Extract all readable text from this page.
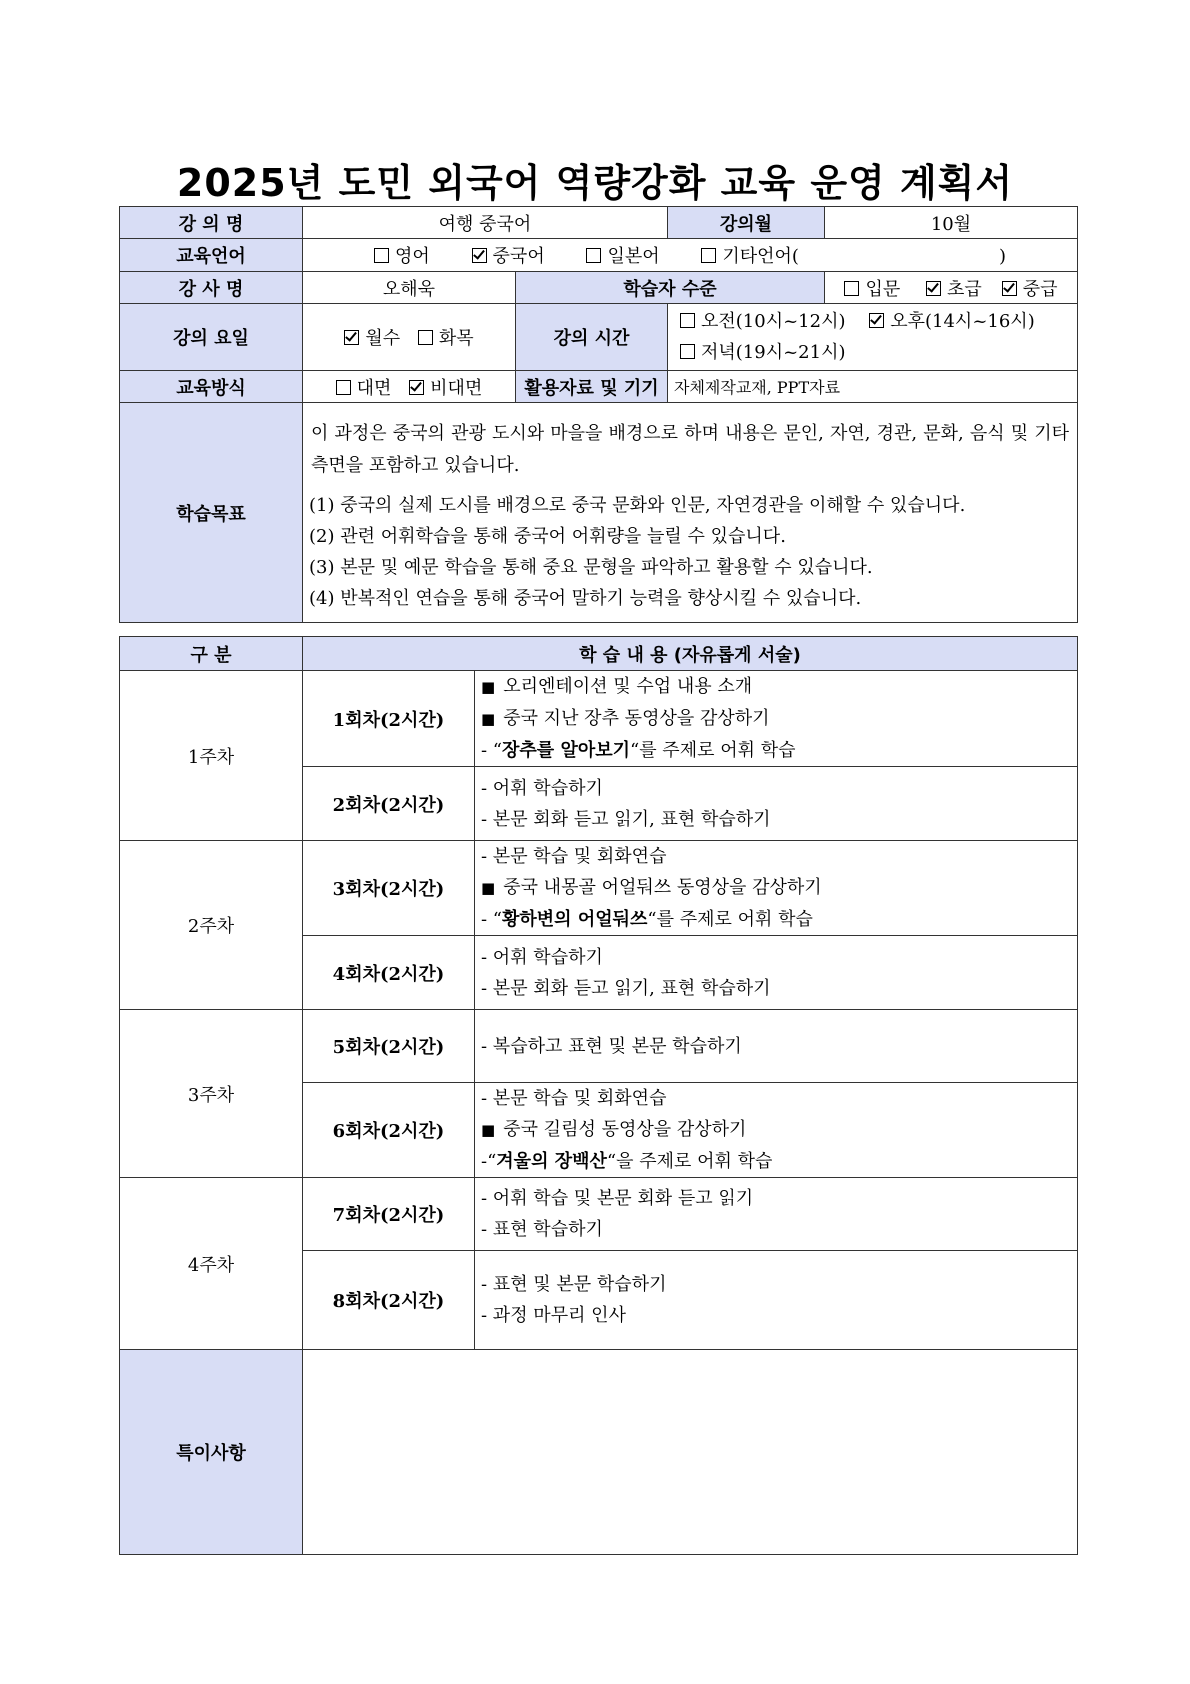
2025년 도민 외국어 역량강화 교육 운영 계획서
강 의 명	여행 중국어		강의월	10월
교육언어	영어 중국어 일본어 기타언어( )			
강 사 명	오해욱	학습자 수준		입문 초급 중급
강의 요일	월수 화목	강의 시간	오전(10시~12시) 오후(14시~16시)
저녁(19시~21시)	

교육방식	대면 비대면	활용자료 및 기기	자체제작교재, PPT자료	
학습목표	이 과정은 중국의 관광 도시와 마을을 배경으로 하며 내용은 문인, 자연, 경관, 문화, 음식 및 기타 측면을 포함하고 있습니다.
(1) 중국의 실제 도시를 배경으로 중국 문화와 인문, 자연경관을 이해할 수 있습니다.
(2) 관련 어휘학습을 통해 중국어 어휘량을 늘릴 수 있습니다.
(3) 본문 및 예문 학습을 통해 중요 문형을 파악하고 활용할 수 있습니다.
(4) 반복적인 연습을 통해 중국어 말하기 능력을 향상시킬 수 있습니다.			
구 분	학 습 내 용 (자유롭게 서술)	
1주차	1회차(2시간)	■ 오리엔테이션 및 수업 내용 소개
■ 중국 지난 장추 동영상을 감상하기
- “장추를 알아보기“를 주제로 어휘 학습

	2회차(2시간)	- 어휘 학습하기
- 본문 회화 듣고 읽기, 표현 학습하기

2주차	3회차(2시간)	- 본문 학습 및 회화연습
■ 중국 내몽골 어얼둬쓰 동영상을 감상하기
- “황하변의 어얼둬쓰“를 주제로 어휘 학습

	4회차(2시간)	- 어휘 학습하기
- 본문 회화 듣고 읽기, 표현 학습하기

3주차	5회차(2시간)	- 복습하고 표현 및 본문 학습하기

	6회차(2시간)	- 본문 학습 및 회화연습
■ 중국 길림성 동영상을 감상하기
-“겨울의 장백산“을 주제로 어휘 학습

4주차	7회차(2시간)	- 어휘 학습 및 본문 회화 듣고 읽기
- 표현 학습하기

	8회차(2시간)	- 표현 및 본문 학습하기
- 과정 마무리 인사

특이사항		
